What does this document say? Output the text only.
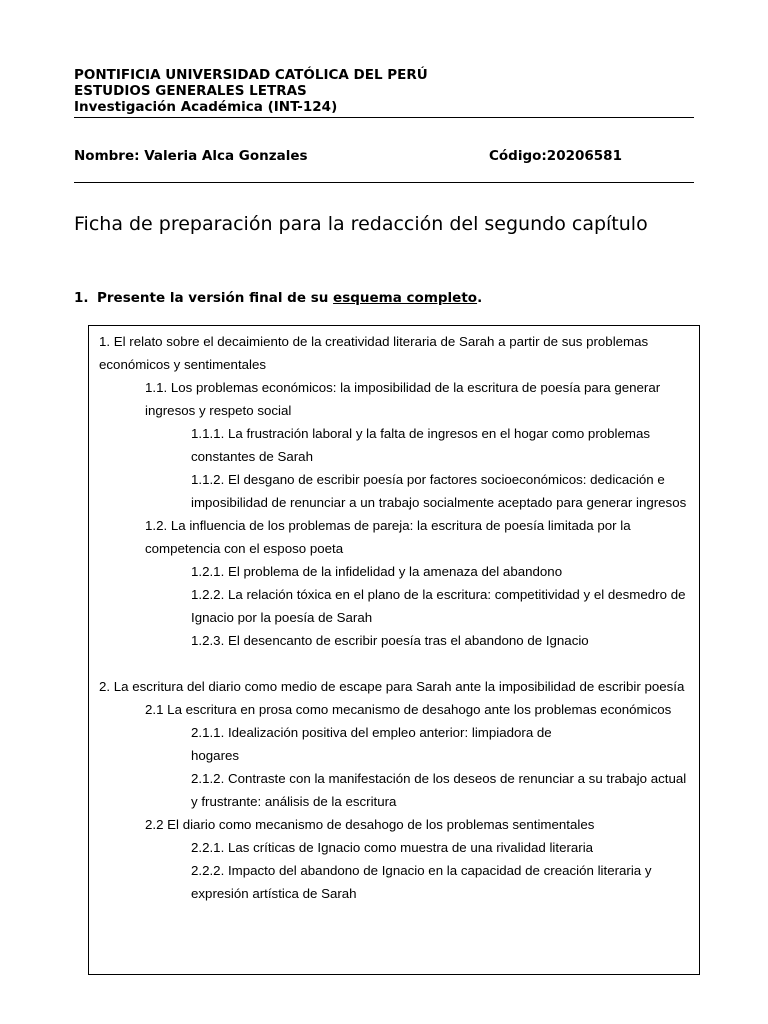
PONTIFICIA UNIVERSIDAD CATÓLICA DEL PERÚ
ESTUDIOS GENERALES LETRAS
Investigación Académica (INT-124)
Nombre: Valeria Alca Gonzales	Código:20206581
Ficha de preparación para la redacción del segundo capítulo
1. Presente la versión final de su esquema completo.
1. El relato sobre el decaimiento de la creatividad literaria de Sarah a partir de sus problemas económicos y sentimentales
1.1. Los problemas económicos: la imposibilidad de la escritura de poesía para generar ingresos y respeto social
1.1.1. La frustración laboral y la falta de ingresos en el hogar como problemas constantes de Sarah
1.1.2. El desgano de escribir poesía por factores socioeconómicos: dedicación e imposibilidad de renunciar a un trabajo socialmente aceptado para generar ingresos
1.2. La influencia de los problemas de pareja: la escritura de poesía limitada por la competencia con el esposo poeta
1.2.1. El problema de la infidelidad y la amenaza del abandono
1.2.2. La relación tóxica en el plano de la escritura: competitividad y el desmedro de Ignacio por la poesía de Sarah
1.2.3. El desencanto de escribir poesía tras el abandono de Ignacio
2. La escritura del diario como medio de escape para Sarah ante la imposibilidad de escribir poesía
2.1 La escritura en prosa como mecanismo de desahogo ante los problemas económicos
2.1.1. Idealización positiva del empleo anterior: limpiadora de hogares
2.1.2. Contraste con la manifestación de los deseos de renunciar a su trabajo actual y frustrante: análisis de la escritura
2.2 El diario como mecanismo de desahogo de los problemas sentimentales
2.2.1. Las críticas de Ignacio como muestra de una rivalidad literaria
2.2.2. Impacto del abandono de Ignacio en la capacidad de creación literaria y expresión artística de Sarah
